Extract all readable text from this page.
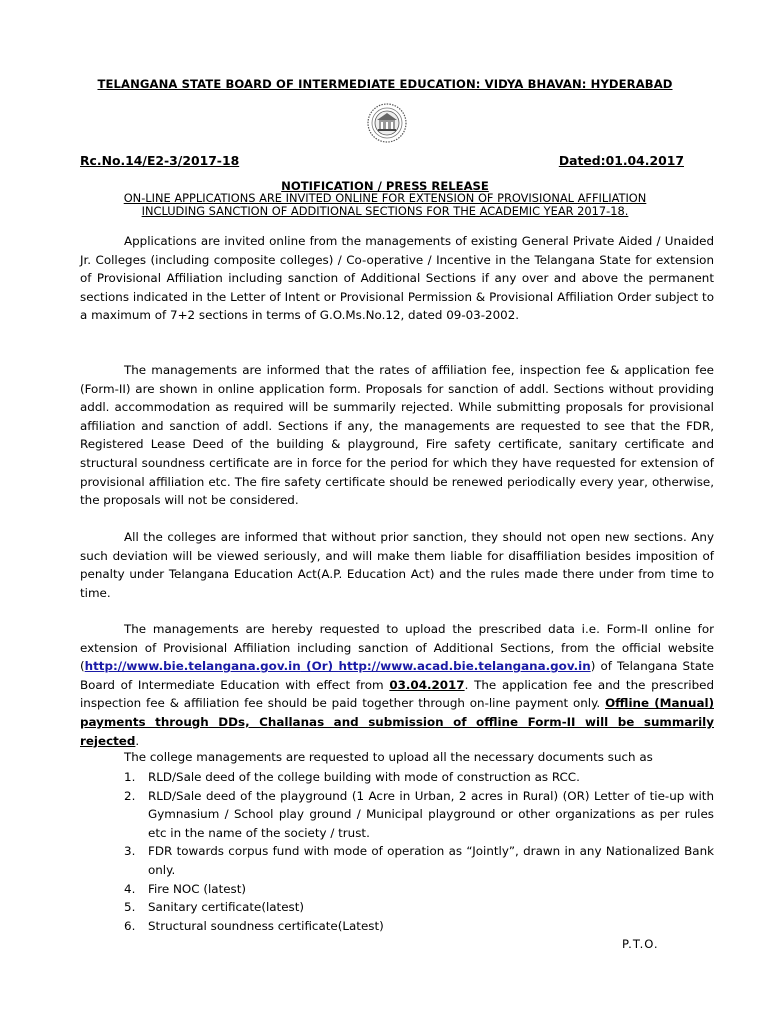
TELANGANA STATE BOARD OF INTERMEDIATE EDUCATION: VIDYA BHAVAN: HYDERABAD
Rc.No.14/E2-3/2017-18	Dated:01.04.2017
NOTIFICATION / PRESS RELEASE
ON-LINE APPLICATIONS ARE INVITED ONLINE FOR EXTENSION OF PROVISIONAL AFFILIATION
INCLUDING SANCTION OF ADDITIONAL SECTIONS FOR THE ACADEMIC YEAR 2017-18.
Applications are invited online from the managements of existing General Private Aided / Unaided Jr. Colleges (including composite colleges) / Co-operative / Incentive in the Telangana State for extension of Provisional Affiliation including sanction of Additional Sections if any over and above the permanent sections indicated in the Letter of Intent or Provisional Permission & Provisional Affiliation Order subject to a maximum of 7+2 sections in terms of G.O.Ms.No.12, dated 09-03-2002.
The managements are informed that the rates of affiliation fee, inspection fee & application fee (Form-II) are shown in online application form. Proposals for sanction of addl. Sections without providing addl. accommodation as required will be summarily rejected. While submitting proposals for provisional affiliation and sanction of addl. Sections if any, the managements are requested to see that the FDR, Registered Lease Deed of the building & playground, Fire safety certificate, sanitary certificate and structural soundness certificate are in force for the period for which they have requested for extension of provisional affiliation etc. The fire safety certificate should be renewed periodically every year, otherwise, the proposals will not be considered.
All the colleges are informed that without prior sanction, they should not open new sections. Any such deviation will be viewed seriously, and will make them liable for disaffiliation besides imposition of penalty under Telangana Education Act(A.P. Education Act) and the rules made there under from time to time.
The managements are hereby requested to upload the prescribed data i.e. Form-II online for extension of Provisional Affiliation including sanction of Additional Sections, from the official website (http://www.bie.telangana.gov.in (Or) http://www.acad.bie.telangana.gov.in) of Telangana State Board of Intermediate Education with effect from 03.04.2017. The application fee and the prescribed inspection fee & affiliation fee should be paid together through on-line payment only. Offline (Manual) payments through DDs, Challanas and submission of offline Form-II will be summarily rejected.
The college managements are requested to upload all the necessary documents such as
1. RLD/Sale deed of the college building with mode of construction as RCC.
2. RLD/Sale deed of the playground (1 Acre in Urban, 2 acres in Rural) (OR) Letter of tie-up with Gymnasium / School play ground / Municipal playground or other organizations as per rules etc in the name of the society / trust.
3. FDR towards corpus fund with mode of operation as “Jointly”, drawn in any Nationalized Bank only.
4. Fire NOC (latest)
5. Sanitary certificate(latest)
6. Structural soundness certificate(Latest)
P.T.O.
